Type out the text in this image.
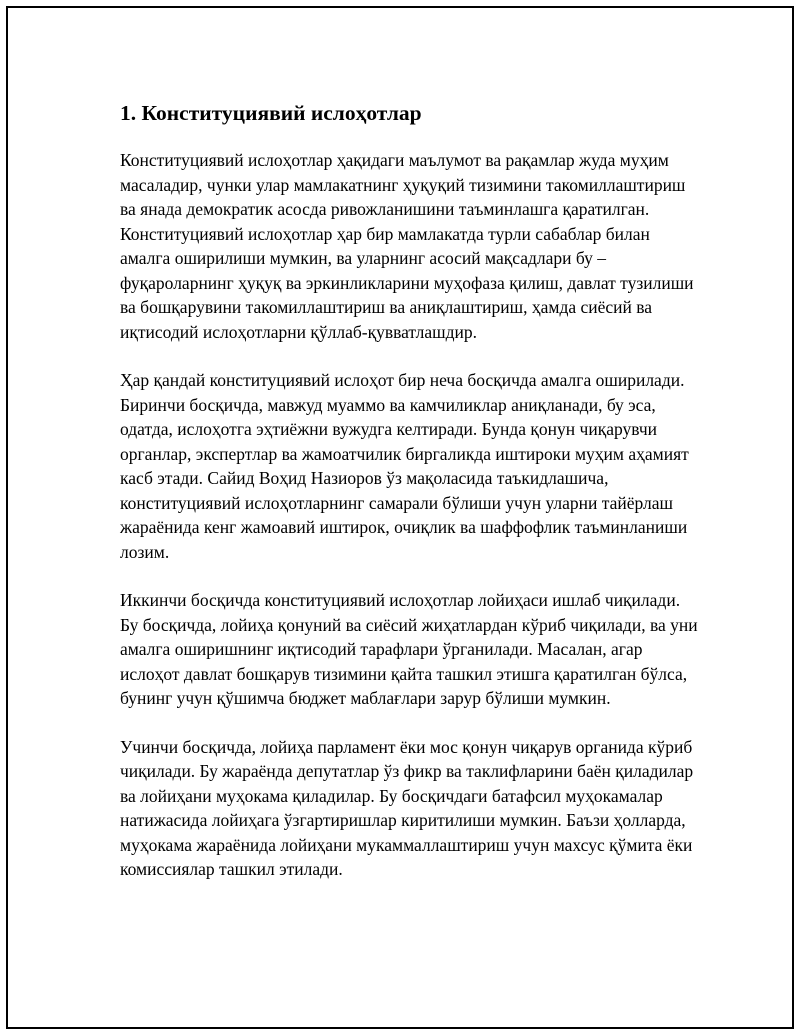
1. Конституциявий ислоҳотлар

Конституциявий ислоҳотлар ҳақидаги маълумот ва рақамлар жуда муҳим масаладир, чунки улар мамлакатнинг ҳуқуқий тизимини такомиллаштириш ва янада демократик асосда ривожланишини таъминлашга қаратилган. Конституциявий ислоҳотлар ҳар бир мамлакатда турли сабаблар билан амалга оширилиши мумкин, ва уларнинг асосий мақсадлари бу – фуқароларнинг ҳуқуқ ва эркинликларини муҳофаза қилиш, давлат тузилиши ва бошқарувини такомиллаштириш ва аниқлаштириш, ҳамда сиёсий ва иқтисодий ислоҳотларни қўллаб-қувватлашдир.

Ҳар қандай конституциявий ислоҳот бир неча босқичда амалга оширилади. Биринчи босқичда, мавжуд муаммо ва камчиликлар аниқланади, бу эса, одатда, ислоҳотга эҳтиёжни вужудга келтиради. Бунда қонун чиқарувчи органлар, экспертлар ва жамоатчилик биргаликда иштироки муҳим аҳамият касб этади. Сайид Воҳид Назиоров ўз мақоласида таъкидлашича, конституциявий ислоҳотларнинг самарали бўлиши учун уларни тайёрлаш жараёнида кенг жамоавий иштирок, очиқлик ва шаффофлик таъминланиши лозим.

Иккинчи босқичда конституциявий ислоҳотлар лойиҳаси ишлаб чиқилади. Бу босқичда, лойиҳа қонуний ва сиёсий жиҳатлардан кўриб чиқилади, ва уни амалга оширишнинг иқтисодий тарафлари ўрганилади. Масалан, агар ислоҳот давлат бошқарув тизимини қайта ташкил этишга қаратилган бўлса, бунинг учун қўшимча бюджет маблағлари зарур бўлиши мумкин.

Учинчи босқичда, лойиҳа парламент ёки мос қонун чиқарув органида кўриб чиқилади. Бу жараёнда депутатлар ўз фикр ва таклифларини баён қиладилар ва лойиҳани муҳокама қиладилар. Бу босқичдаги батафсил муҳокамалар натижасида лойиҳага ўзгартиришлар киритилиши мумкин. Баъзи ҳолларда, муҳокама жараёнида лойиҳани мукаммаллаштириш учун махсус қўмита ёки комиссиялар ташкил этилади.
